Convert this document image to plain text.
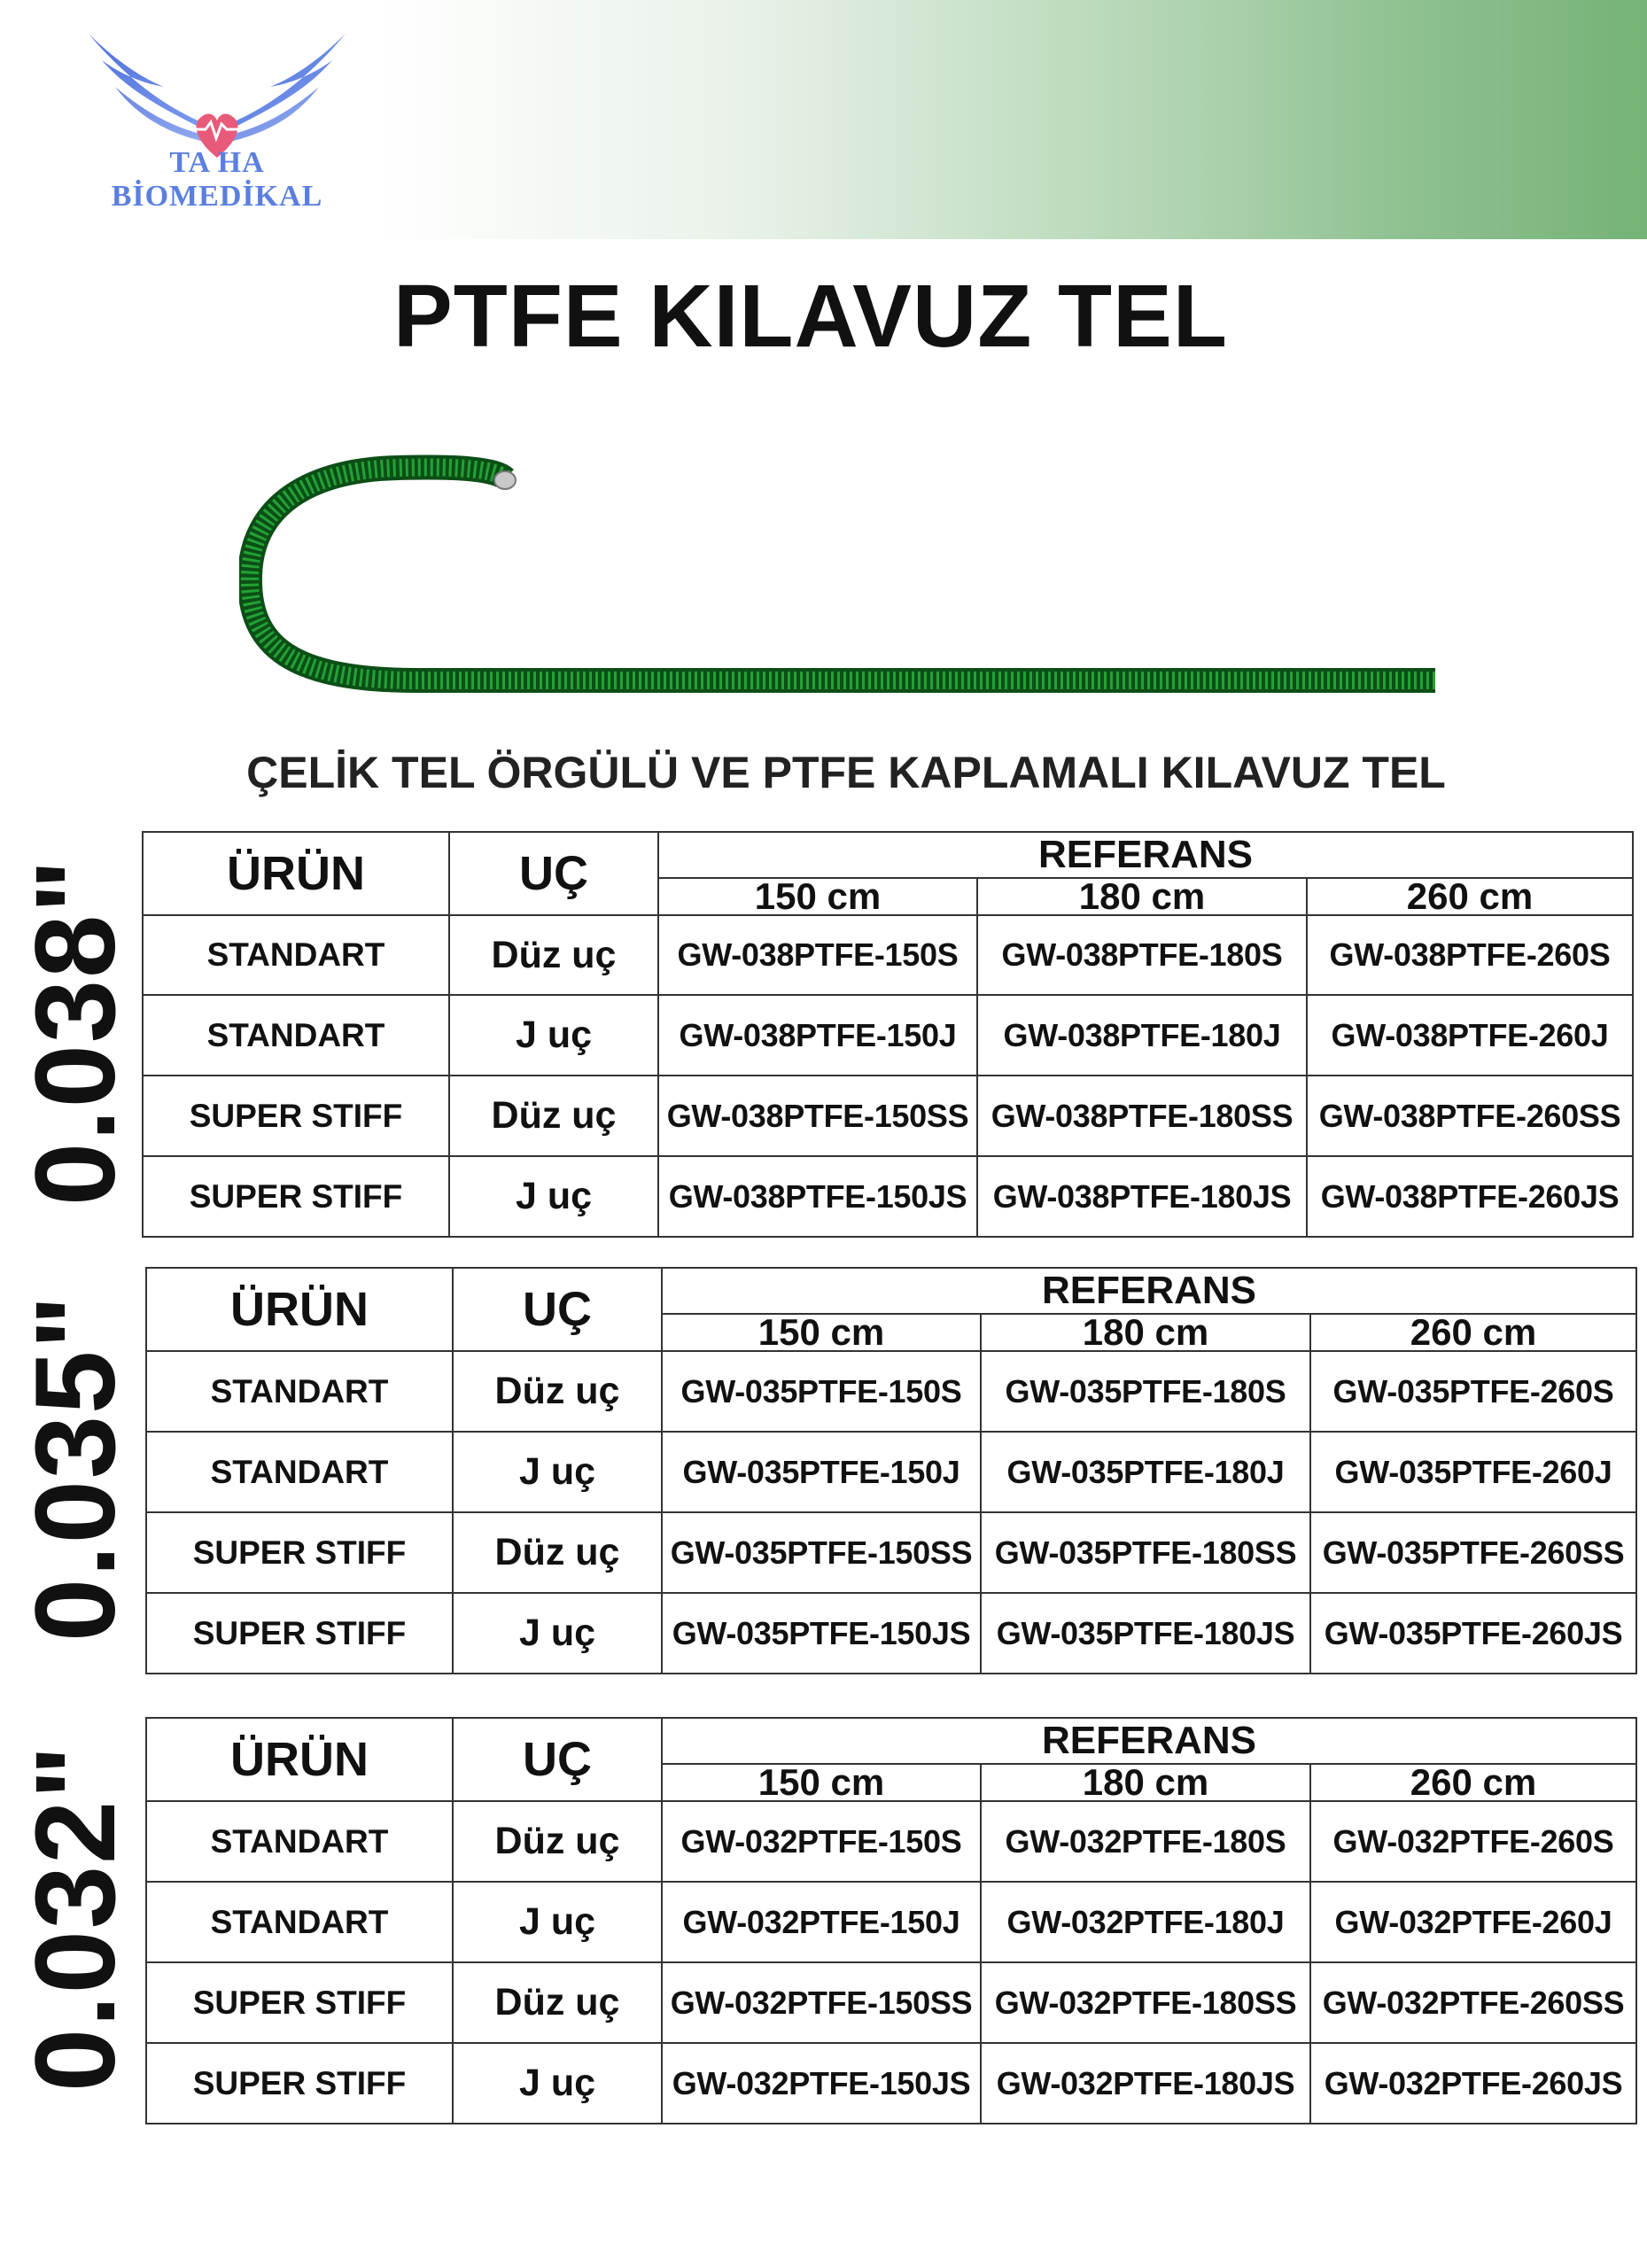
TA HA
BİOMEDİKAL
PTFE KILAVUZ TEL
ÇELİK TEL ÖRGÜLÜ VE PTFE KAPLAMALI KILAVUZ TEL
0.038" ÜRÜN	UÇ	REFERANS		
		150 cm	180 cm	260 cm
STANDART	Düz uç	GW-038PTFE-150S	GW-038PTFE-180S	GW-038PTFE-260S
STANDART	J uç	GW-038PTFE-150J	GW-038PTFE-180J	GW-038PTFE-260J
SUPER STIFF	Düz uç	GW-038PTFE-150SS	GW-038PTFE-180SS	GW-038PTFE-260SS
SUPER STIFF	J uç	GW-038PTFE-150JS	GW-038PTFE-180JS	GW-038PTFE-260JS
0.035" ÜRÜN	UÇ	REFERANS		
		150 cm	180 cm	260 cm
STANDART	Düz uç	GW-035PTFE-150S	GW-035PTFE-180S	GW-035PTFE-260S
STANDART	J uç	GW-035PTFE-150J	GW-035PTFE-180J	GW-035PTFE-260J
SUPER STIFF	Düz uç	GW-035PTFE-150SS	GW-035PTFE-180SS	GW-035PTFE-260SS
SUPER STIFF	J uç	GW-035PTFE-150JS	GW-035PTFE-180JS	GW-035PTFE-260JS
0.032" ÜRÜN	UÇ	REFERANS		
		150 cm	180 cm	260 cm
STANDART	Düz uç	GW-032PTFE-150S	GW-032PTFE-180S	GW-032PTFE-260S
STANDART	J uç	GW-032PTFE-150J	GW-032PTFE-180J	GW-032PTFE-260J
SUPER STIFF	Düz uç	GW-032PTFE-150SS	GW-032PTFE-180SS	GW-032PTFE-260SS
SUPER STIFF	J uç	GW-032PTFE-150JS	GW-032PTFE-180JS	GW-032PTFE-260JS
